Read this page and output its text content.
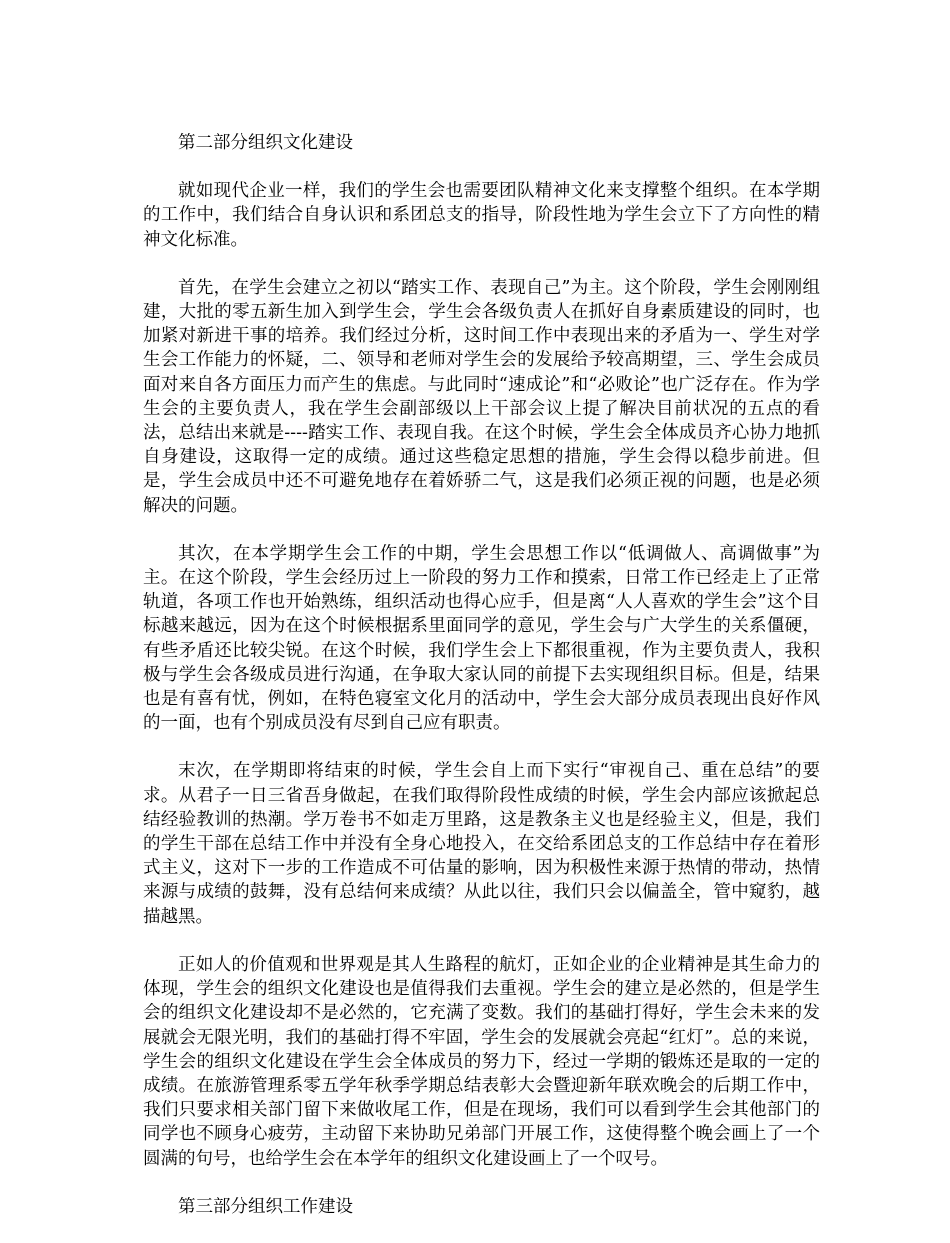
第二部分组织文化建设

就如现代企业一样，我们的学生会也需要团队精神文化来支撑整个组织。在本学期的工作中，我们结合自身认识和系团总支的指导，阶段性地为学生会立下了方向性的精神文化标准。

首先，在学生会建立之初以“踏实工作、表现自己”为主。这个阶段，学生会刚刚组建，大批的零五新生加入到学生会，学生会各级负责人在抓好自身素质建设的同时，也加紧对新进干事的培养。我们经过分析，这时间工作中表现出来的矛盾为一、学生对学生会工作能力的怀疑，二、领导和老师对学生会的发展给予较高期望，三、学生会成员面对来自各方面压力而产生的焦虑。与此同时“速成论”和“必败论”也广泛存在。作为学生会的主要负责人，我在学生会副部级以上干部会议上提了解决目前状况的五点的看法，总结出来就是----踏实工作、表现自我。在这个时候，学生会全体成员齐心协力地抓自身建设，这取得一定的成绩。通过这些稳定思想的措施，学生会得以稳步前进。但是，学生会成员中还不可避免地存在着娇骄二气，这是我们必须正视的问题，也是必须解决的问题。

其次，在本学期学生会工作的中期，学生会思想工作以“低调做人、高调做事”为主。在这个阶段，学生会经历过上一阶段的努力工作和摸索，日常工作已经走上了正常轨道，各项工作也开始熟练，组织活动也得心应手，但是离“人人喜欢的学生会”这个目标越来越远，因为在这个时候根据系里面同学的意见，学生会与广大学生的关系僵硬，有些矛盾还比较尖锐。在这个时候，我们学生会上下都很重视，作为主要负责人，我积极与学生会各级成员进行沟通，在争取大家认同的前提下去实现组织目标。但是，结果也是有喜有忧，例如，在特色寝室文化月的活动中，学生会大部分成员表现出良好作风的一面，也有个别成员没有尽到自己应有职责。

末次，在学期即将结束的时候，学生会自上而下实行“审视自己、重在总结”的要求。从君子一日三省吾身做起，在我们取得阶段性成绩的时候，学生会内部应该掀起总结经验教训的热潮。学万卷书不如走万里路，这是教条主义也是经验主义，但是，我们的学生干部在总结工作中并没有全身心地投入，在交给系团总支的工作总结中存在着形式主义，这对下一步的工作造成不可估量的影响，因为积极性来源于热情的带动，热情来源与成绩的鼓舞，没有总结何来成绩？从此以往，我们只会以偏盖全，管中窥豹，越描越黑。

正如人的价值观和世界观是其人生路程的航灯，正如企业的企业精神是其生命力的体现，学生会的组织文化建设也是值得我们去重视。学生会的建立是必然的，但是学生会的组织文化建设却不是必然的，它充满了变数。我们的基础打得好，学生会未来的发展就会无限光明，我们的基础打得不牢固，学生会的发展就会亮起“红灯”。总的来说，学生会的组织文化建设在学生会全体成员的努力下，经过一学期的锻炼还是取的一定的成绩。在旅游管理系零五学年秋季学期总结表彰大会暨迎新年联欢晚会的后期工作中，我们只要求相关部门留下来做收尾工作，但是在现场，我们可以看到学生会其他部门的同学也不顾身心疲劳，主动留下来协助兄弟部门开展工作，这使得整个晚会画上了一个圆满的句号，也给学生会在本学年的组织文化建设画上了一个叹号。

第三部分组织工作建设
